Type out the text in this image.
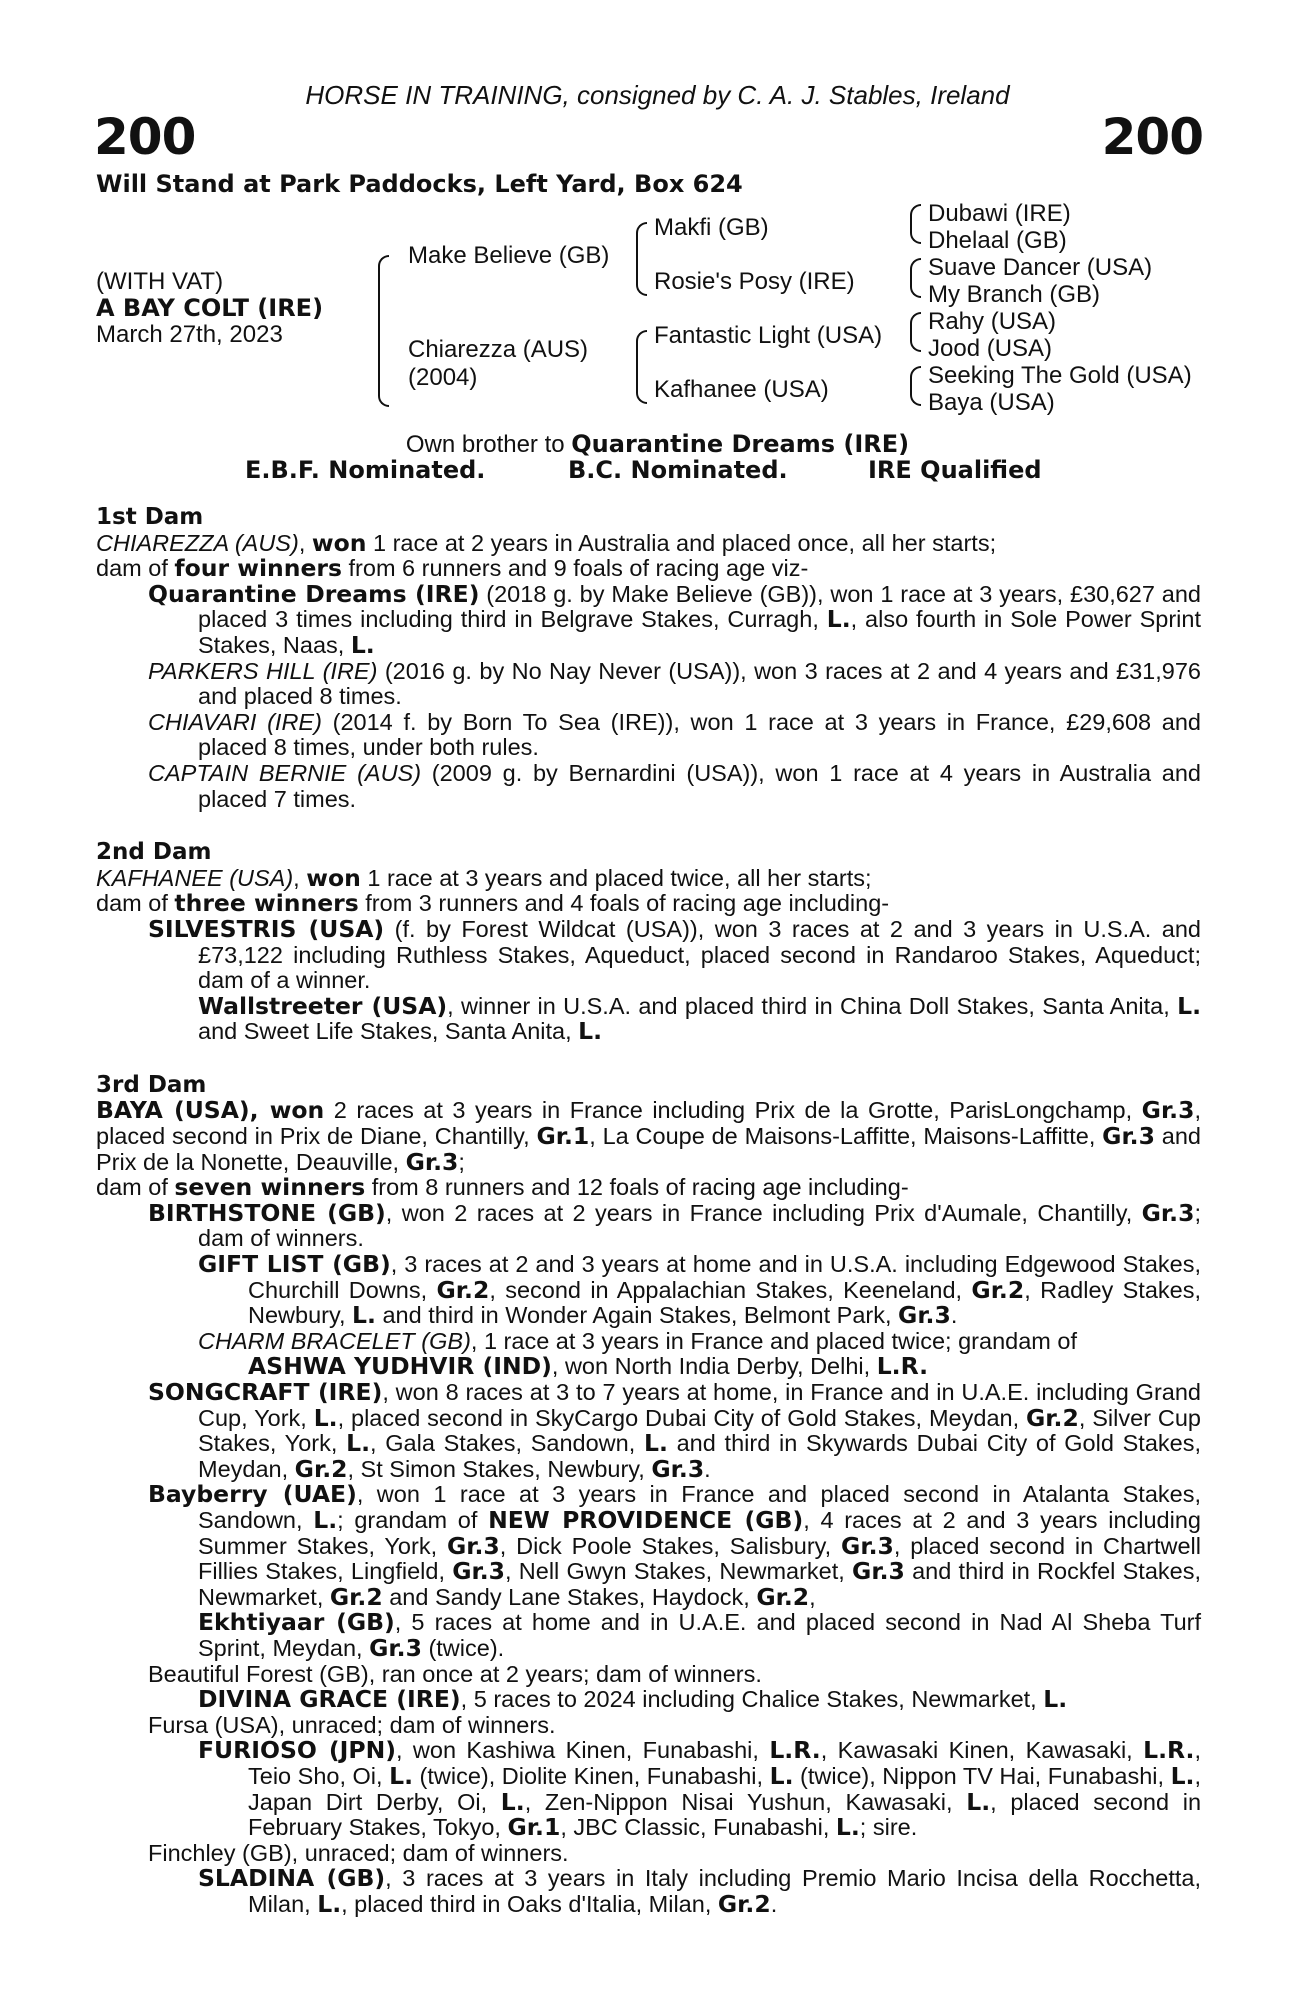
HORSE IN TRAINING, consigned by C. A. J. Stables, Ireland
200	200
Will Stand at Park Paddocks, Left Yard, Box 624
(WITH VAT)
A BAY COLT (IRE)
March 27th, 2023
Make Believe (GB)
Chiarezza (AUS)
(2004)
Makfi (GB)
Rosie's Posy (IRE)
Fantastic Light (USA)
Kafhanee (USA)
Dubawi (IRE)
Dhelaal (GB)
Suave Dancer (USA)
My Branch (GB)
Rahy (USA)
Jood (USA)
Seeking The Gold (USA)
Baya (USA)
Own brother to Quarantine Dreams (IRE)
E.B.F. Nominated.	B.C. Nominated.	IRE Qualified

1st Dam

CHIAREZZA (AUS), won 1 race at 2 years in Australia and placed once, all her starts;

dam of four winners from 6 runners and 9 foals of racing age viz-

Quarantine Dreams (IRE) (2018 g. by Make Believe (GB)), won 1 race at 3 years, £30,627 and placed 3 times including third in Belgrave Stakes, Curragh, L., also fourth in Sole Power Sprint Stakes, Naas, L.

PARKERS HILL (IRE) (2016 g. by No Nay Never (USA)), won 3 races at 2 and 4 years and £31,976 and placed 8 times.

CHIAVARI (IRE) (2014 f. by Born To Sea (IRE)), won 1 race at 3 years in France, £29,608 and placed 8 times, under both rules.

CAPTAIN BERNIE (AUS) (2009 g. by Bernardini (USA)), won 1 race at 4 years in Australia and placed 7 times.

2nd Dam

KAFHANEE (USA), won 1 race at 3 years and placed twice, all her starts;

dam of three winners from 3 runners and 4 foals of racing age including-

SILVESTRIS (USA) (f. by Forest Wildcat (USA)), won 3 races at 2 and 3 years in U.S.A. and £73,122 including Ruthless Stakes, Aqueduct, placed second in Randaroo Stakes, Aqueduct; dam of a winner.

Wallstreeter (USA), winner in U.S.A. and placed third in China Doll Stakes, Santa Anita, L. and Sweet Life Stakes, Santa Anita, L.

3rd Dam

BAYA (USA), won 2 races at 3 years in France including Prix de la Grotte, ParisLongchamp, Gr.3, placed second in Prix de Diane, Chantilly, Gr.1, La Coupe de Maisons-Laffitte, Maisons-Laffitte, Gr.3 and Prix de la Nonette, Deauville, Gr.3;

dam of seven winners from 8 runners and 12 foals of racing age including-

BIRTHSTONE (GB), won 2 races at 2 years in France including Prix d'Aumale, Chantilly, Gr.3; dam of winners.

GIFT LIST (GB), 3 races at 2 and 3 years at home and in U.S.A. including Edgewood Stakes, Churchill Downs, Gr.2, second in Appalachian Stakes, Keeneland, Gr.2, Radley Stakes, Newbury, L. and third in Wonder Again Stakes, Belmont Park, Gr.3.

CHARM BRACELET (GB), 1 race at 3 years in France and placed twice; grandam of

ASHWA YUDHVIR (IND), won North India Derby, Delhi, L.R.

SONGCRAFT (IRE), won 8 races at 3 to 7 years at home, in France and in U.A.E. including Grand Cup, York, L., placed second in SkyCargo Dubai City of Gold Stakes, Meydan, Gr.2, Silver Cup Stakes, York, L., Gala Stakes, Sandown, L. and third in Skywards Dubai City of Gold Stakes, Meydan, Gr.2, St Simon Stakes, Newbury, Gr.3.

Bayberry (UAE), won 1 race at 3 years in France and placed second in Atalanta Stakes, Sandown, L.; grandam of NEW PROVIDENCE (GB), 4 races at 2 and 3 years including Summer Stakes, York, Gr.3, Dick Poole Stakes, Salisbury, Gr.3, placed second in Chartwell Fillies Stakes, Lingfield, Gr.3, Nell Gwyn Stakes, Newmarket, Gr.3 and third in Rockfel Stakes, Newmarket, Gr.2 and Sandy Lane Stakes, Haydock, Gr.2,

Ekhtiyaar (GB), 5 races at home and in U.A.E. and placed second in Nad Al Sheba Turf Sprint, Meydan, Gr.3 (twice).

Beautiful Forest (GB), ran once at 2 years; dam of winners.

DIVINA GRACE (IRE), 5 races to 2024 including Chalice Stakes, Newmarket, L.

Fursa (USA), unraced; dam of winners.

FURIOSO (JPN), won Kashiwa Kinen, Funabashi, L.R., Kawasaki Kinen, Kawasaki, L.R., Teio Sho, Oi, L. (twice), Diolite Kinen, Funabashi, L. (twice), Nippon TV Hai, Funabashi, L., Japan Dirt Derby, Oi, L., Zen-Nippon Nisai Yushun, Kawasaki, L., placed second in February Stakes, Tokyo, Gr.1, JBC Classic, Funabashi, L.; sire.

Finchley (GB), unraced; dam of winners.

SLADINA (GB), 3 races at 3 years in Italy including Premio Mario Incisa della Rocchetta, Milan, L., placed third in Oaks d'Italia, Milan, Gr.2.
